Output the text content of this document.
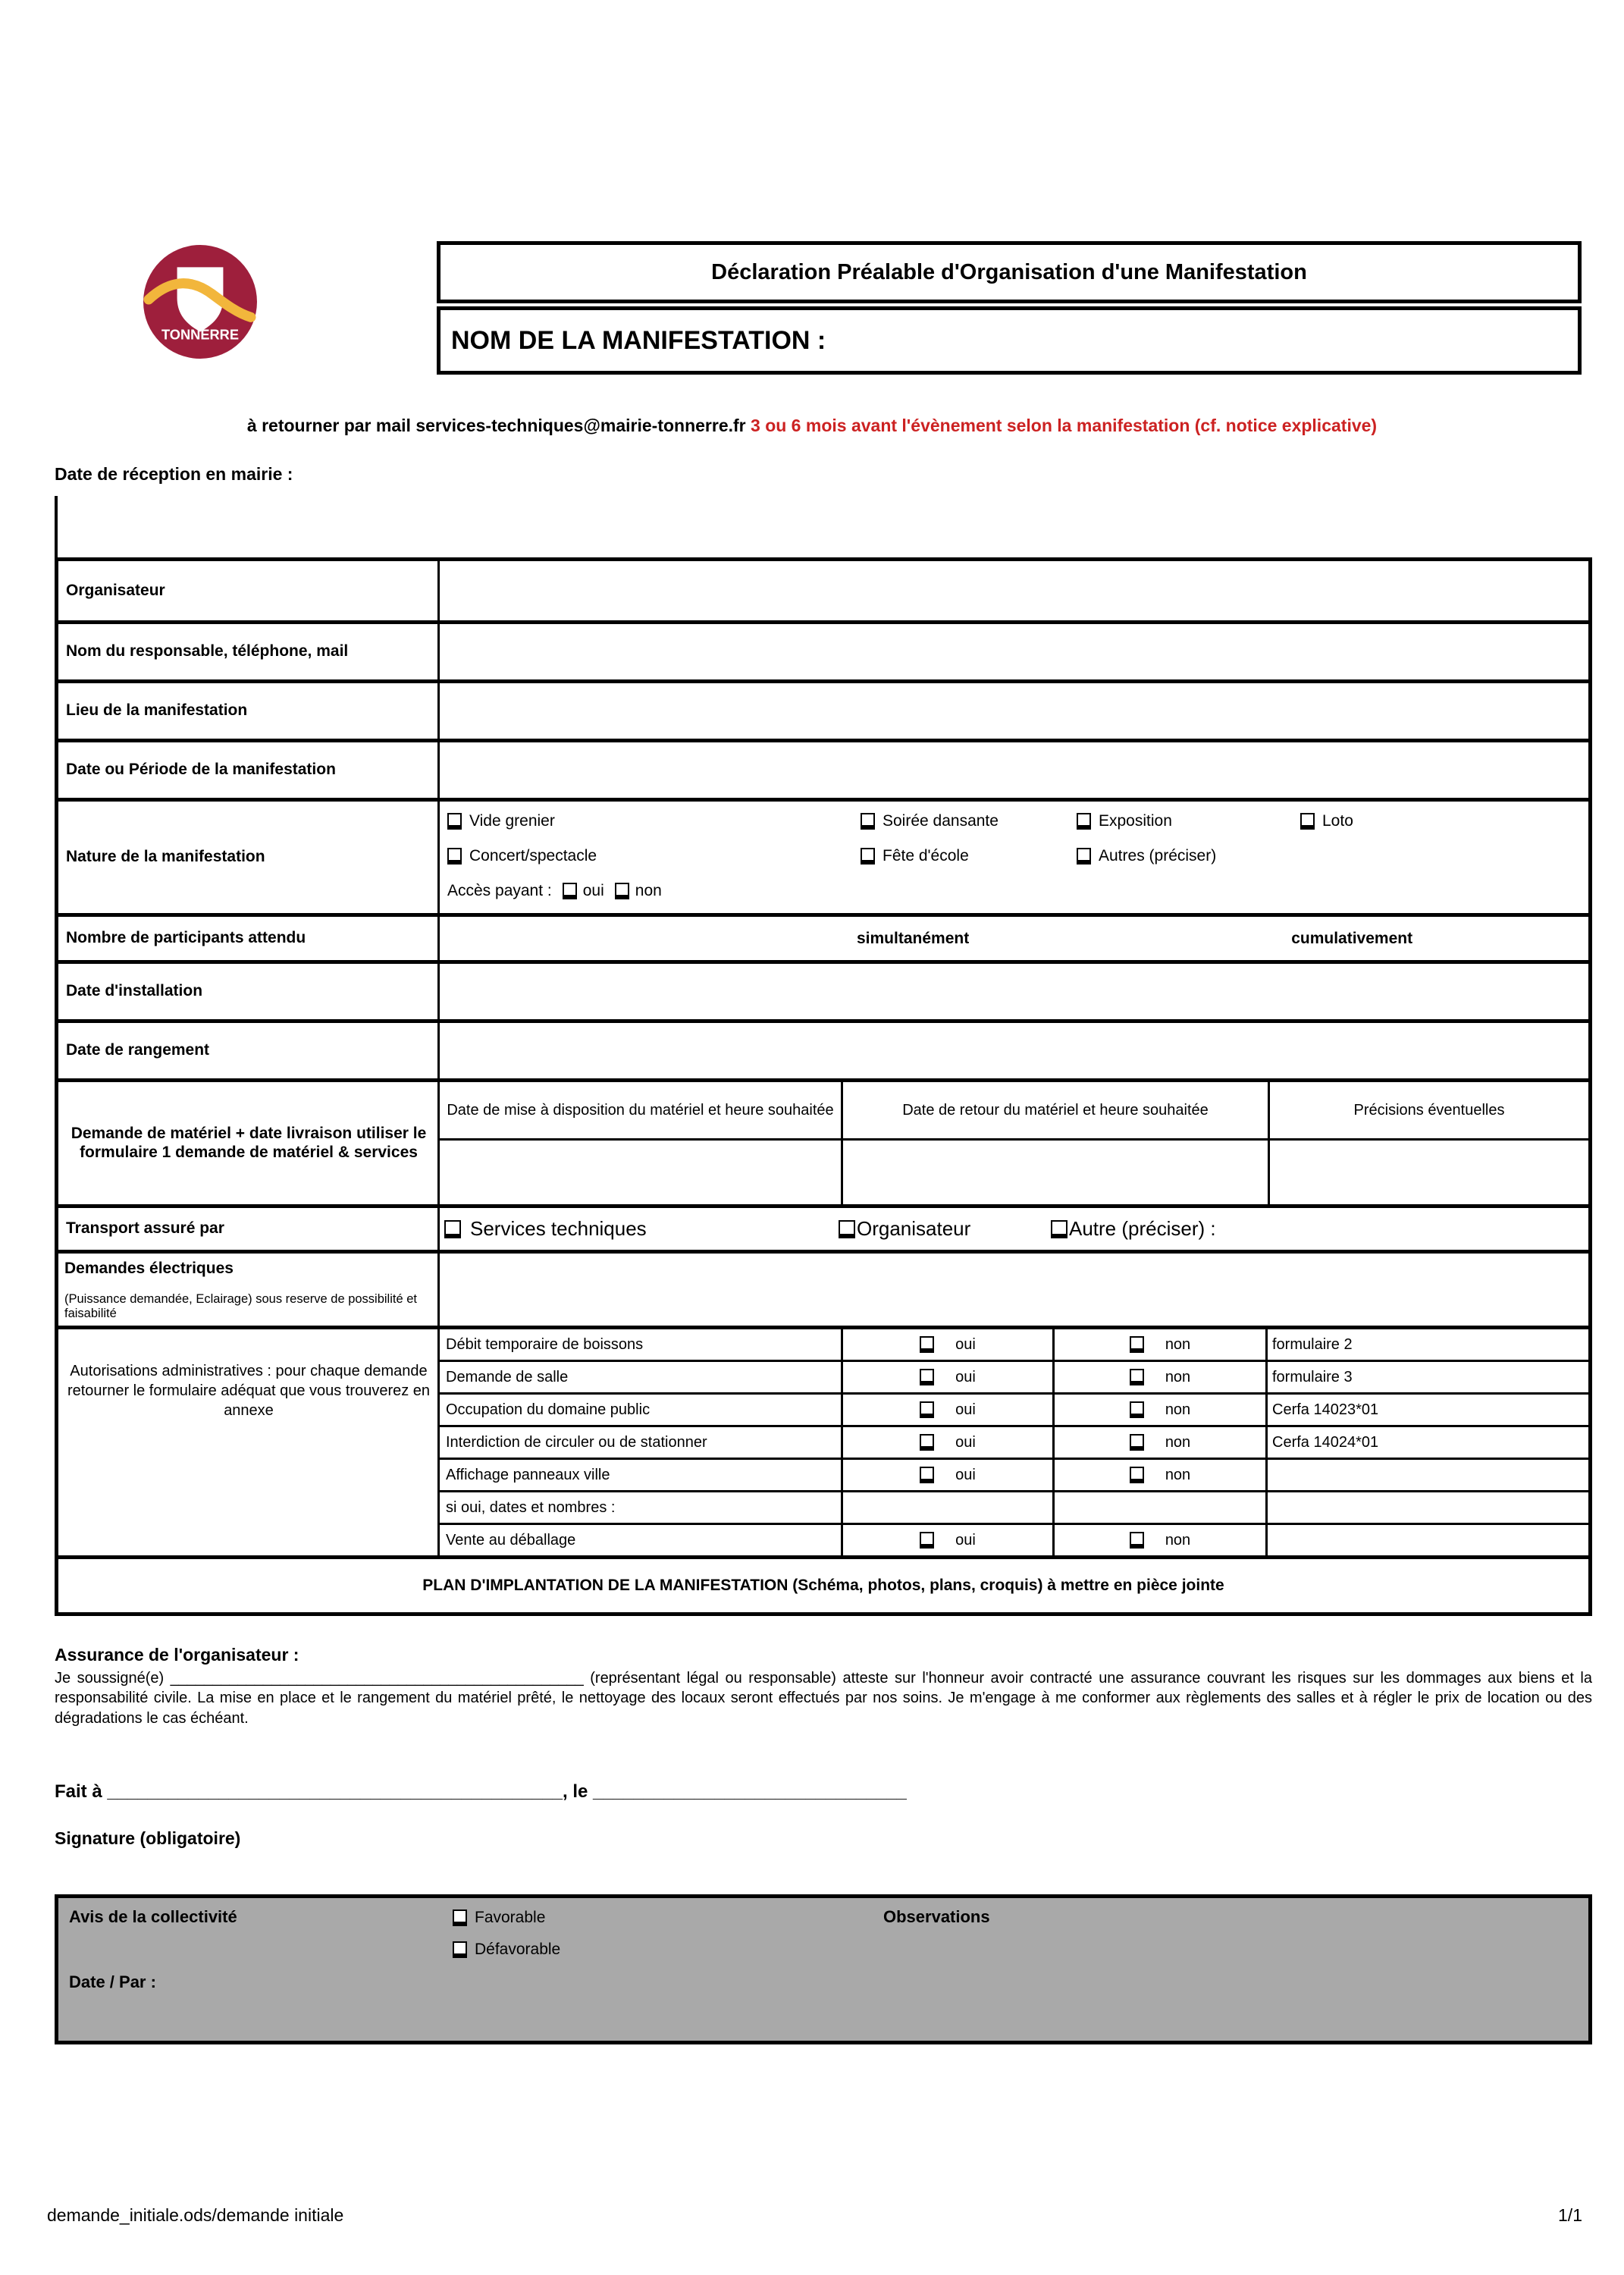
TONNERRE
Déclaration Préalable d'Organisation d'une Manifestation
NOM DE LA MANIFESTATION :
à retourner par mail services-techniques@mairie-tonnerre.fr 3 ou 6 mois avant l'évènement selon la manifestation (cf. notice explicative)
Date de réception en mairie :
Organisateur
Nom du responsable, téléphone, mail
Lieu de la manifestation
Date ou Période de la manifestation
Nature de la manifestation
Vide grenier	Soirée dansante	Exposition	Loto
Concert/spectacle	Fête d'école	Autres (préciser)
Accès payant : oui non
Nombre de participants attendu	simultanément	cumulativement
Date d'installation
Date de rangement
Demande de matériel + date livraison utiliser le formulaire 1 demande de matériel & services
Date de mise à disposition du matériel et heure souhaitée	Date de retour du matériel et heure souhaitée	Précisions éventuelles
Transport assuré par	Services techniques	Organisateur	Autre (préciser) :
Demandes électriques
(Puissance demandée, Eclairage) sous reserve de possibilité et faisabilité
Autorisations administratives : pour chaque demande retourner le formulaire adéquat que vous trouverez en annexe
Débit temporaire de boissons	oui	non	formulaire 2
Demande de salle	oui	non	formulaire 3
Occupation du domaine public	oui	non	Cerfa 14023*01
Interdiction de circuler ou de stationner	oui	non	Cerfa 14024*01
Affichage panneaux ville	oui	non
si oui, dates et nombres :
Vente au déballage	oui	non
PLAN D'IMPLANTATION DE LA MANIFESTATION (Schéma, photos, plans, croquis) à mettre en pièce jointe
Assurance de l'organisateur :

Je soussigné(e) _________________________________________________ (représentant légal ou responsable) atteste sur l'honneur avoir contracté une assurance couvrant les risques sur les dommages aux biens et la responsabilité civile. La mise en place et le rangement du matériel prêté, le nettoyage des locaux seront effectués par nos soins. Je m'engage à me conformer aux règlements des salles et à régler le prix de location ou des dégradations le cas échéant.

Fait à _____________________________________________, le _______________________________
Signature (obligatoire)
Avis de la collectivité	Favorable
Défavorable
Observations
Date / Par :
demande_initiale.ods/demande initiale	1/1
